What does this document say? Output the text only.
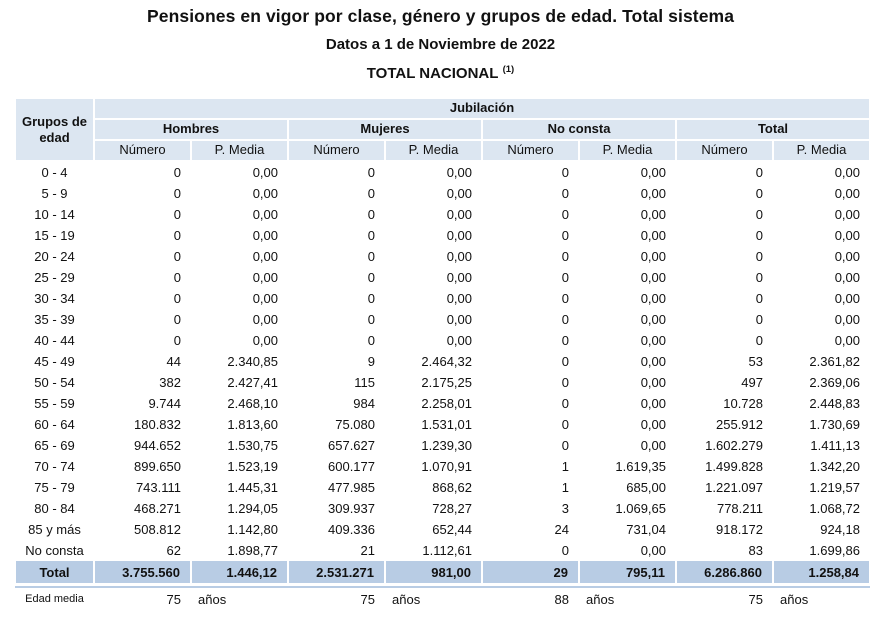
Pensiones en vigor por clase, género y grupos de edad. Total sistema
Datos a 1 de Noviembre de 2022
TOTAL NACIONAL $^{(1)}$
Grupos de edad	Jubilación							
	Hombres		Mujeres		No consta		Total	
	Número	P. Media	Número	P. Media	Número	P. Media	Número	P. Media
0 - 4	0	0,00	0	0,00	0	0,00	0	0,00
5 - 9	0	0,00	0	0,00	0	0,00	0	0,00
10 - 14	0	0,00	0	0,00	0	0,00	0	0,00
15 - 19	0	0,00	0	0,00	0	0,00	0	0,00
20 - 24	0	0,00	0	0,00	0	0,00	0	0,00
25 - 29	0	0,00	0	0,00	0	0,00	0	0,00
30 - 34	0	0,00	0	0,00	0	0,00	0	0,00
35 - 39	0	0,00	0	0,00	0	0,00	0	0,00
40 - 44	0	0,00	0	0,00	0	0,00	0	0,00
45 - 49	44	2.340,85	9	2.464,32	0	0,00	53	2.361,82
50 - 54	382	2.427,41	115	2.175,25	0	0,00	497	2.369,06
55 - 59	9.744	2.468,10	984	2.258,01	0	0,00	10.728	2.448,83
60 - 64	180.832	1.813,60	75.080	1.531,01	0	0,00	255.912	1.730,69
65 - 69	944.652	1.530,75	657.627	1.239,30	0	0,00	1.602.279	1.411,13
70 - 74	899.650	1.523,19	600.177	1.070,91	1	1.619,35	1.499.828	1.342,20
75 - 79	743.111	1.445,31	477.985	868,62	1	685,00	1.221.097	1.219,57
80 - 84	468.271	1.294,05	309.937	728,27	3	1.069,65	778.211	1.068,72
85 y más	508.812	1.142,80	409.336	652,44	24	731,04	918.172	924,18
No consta	62	1.898,77	21	1.112,61	0	0,00	83	1.699,86
Total	3.755.560	1.446,12	2.531.271	981,00	29	795,11	6.286.860	1.258,84

Edad media	75	años	75	años	88	años	75	años
